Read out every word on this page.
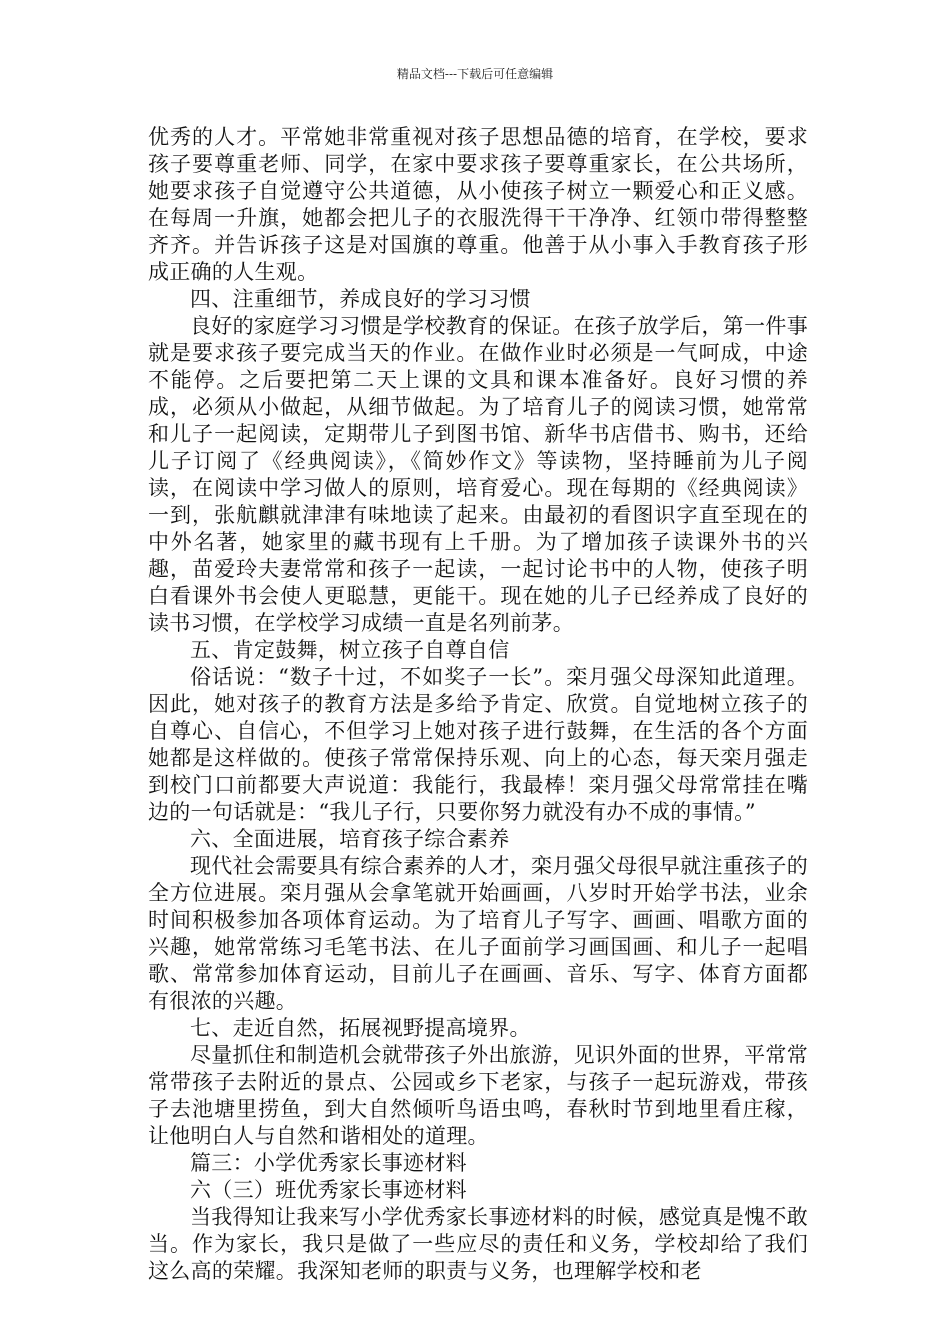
精品文档---下载后可任意编辑

优秀的人才。平常她非常重视对孩子思想品德的培育，在学校，要求孩子要尊重老师、同学，在家中要求孩子要尊重家长，在公共场所，她要求孩子自觉遵守公共道德，从小使孩子树立一颗爱心和正义感。在每周一升旗，她都会把儿子的衣服洗得干干净净、红领巾带得整整齐齐。并告诉孩子这是对国旗的尊重。他善于从小事入手教育孩子形成正确的人生观。

四、注重细节，养成良好的学习习惯

良好的家庭学习习惯是学校教育的保证。在孩子放学后，第一件事就是要求孩子要完成当天的作业。在做作业时必须是一气呵成，中途不能停。之后要把第二天上课的文具和课本准备好。良好习惯的养成，必须从小做起，从细节做起。为了培育儿子的阅读习惯，她常常和儿子一起阅读，定期带儿子到图书馆、新华书店借书、购书，还给儿子订阅了《经典阅读》，《简妙作文》等读物，坚持睡前为儿子阅读，在阅读中学习做人的原则，培育爱心。现在每期的《经典阅读》一到，张航麒就津津有味地读了起来。由最初的看图识字直至现在的中外名著，她家里的藏书现有上千册。为了增加孩子读课外书的兴趣，苗爱玲夫妻常常和孩子一起读，一起讨论书中的人物，使孩子明白看课外书会使人更聪慧，更能干。现在她的儿子已经养成了良好的读书习惯，在学校学习成绩一直是名列前茅。

五、肯定鼓舞，树立孩子自尊自信

俗话说：“数子十过，不如奖子一长”。栾月强父母深知此道理。因此，她对孩子的教育方法是多给予肯定、欣赏。自觉地树立孩子的自尊心、自信心，不但学习上她对孩子进行鼓舞，在生活的各个方面她都是这样做的。使孩子常常保持乐观、向上的心态，每天栾月强走到校门口前都要大声说道：我能行，我最棒！栾月强父母常常挂在嘴边的一句话就是：“我儿子行，只要你努力就没有办不成的事情。”

六、全面进展，培育孩子综合素养

现代社会需要具有综合素养的人才，栾月强父母很早就注重孩子的全方位进展。栾月强从会拿笔就开始画画，八岁时开始学书法，业余时间积极参加各项体育运动。为了培育儿子写字、画画、唱歌方面的兴趣，她常常练习毛笔书法、在儿子面前学习画国画、和儿子一起唱歌、常常参加体育运动，目前儿子在画画、音乐、写字、体育方面都有很浓的兴趣。

七、走近自然，拓展视野提高境界。

尽量抓住和制造机会就带孩子外出旅游，见识外面的世界，平常常常带孩子去附近的景点、公园或乡下老家，与孩子一起玩游戏，带孩子去池塘里捞鱼，到大自然倾听鸟语虫鸣，春秋时节到地里看庄稼，让他明白人与自然和谐相处的道理。

篇三：小学优秀家长事迹材料

六（三）班优秀家长事迹材料

当我得知让我来写小学优秀家长事迹材料的时候，感觉真是愧不敢当。作为家长，我只是做了一些应尽的责任和义务，学校却给了我们这么高的荣耀。我深知老师的职责与义务，也理解学校和老
